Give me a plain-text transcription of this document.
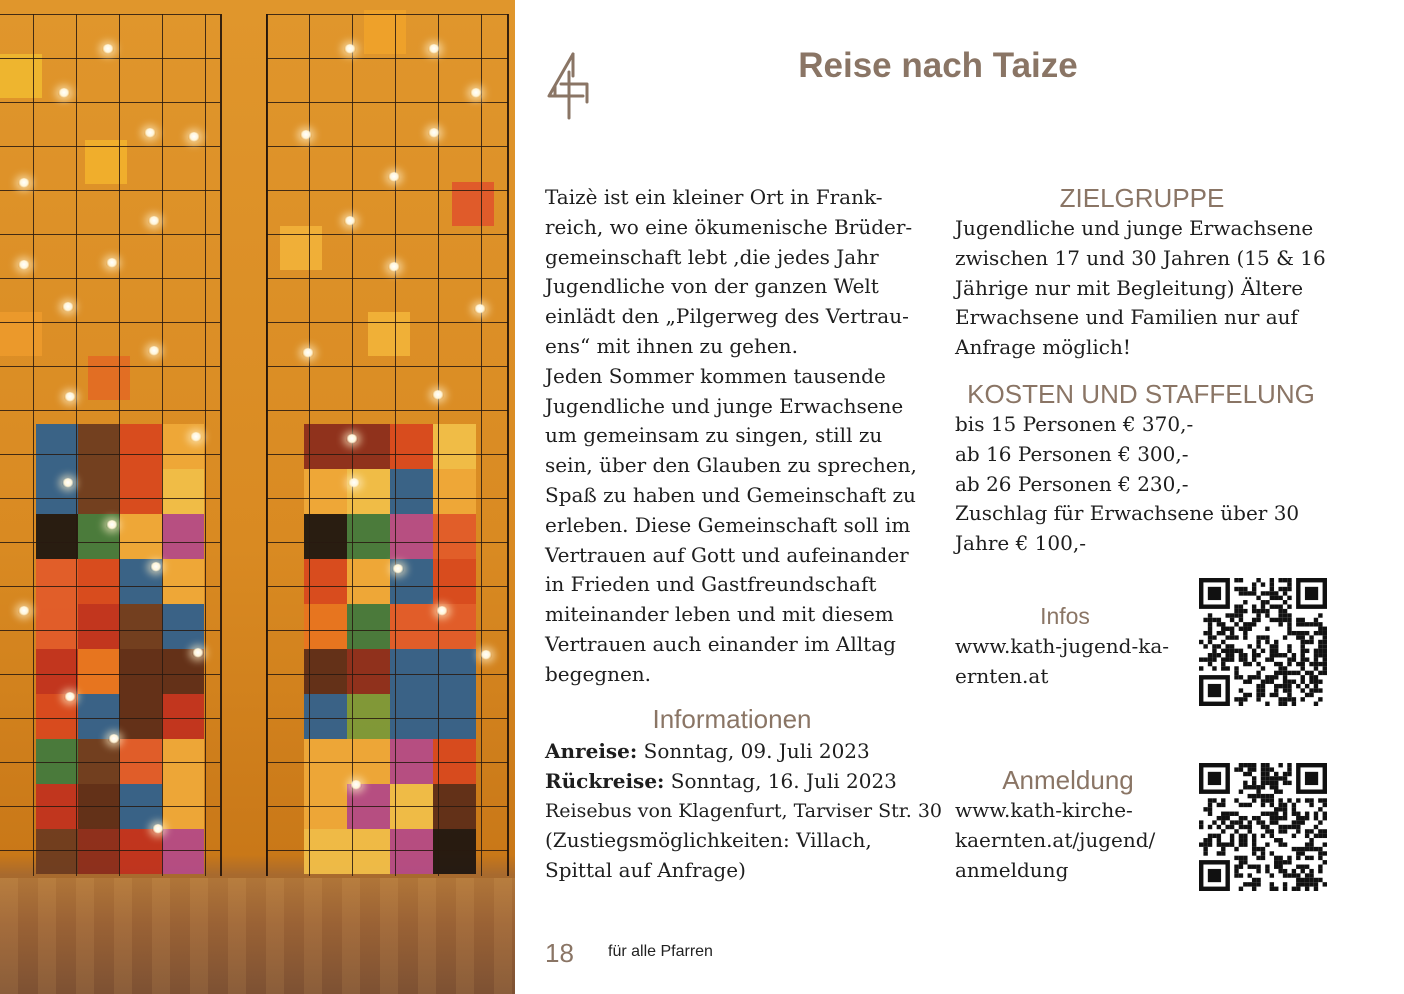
Reise nach Taize

Taizè ist ein kleiner Ort in Frank-

reich, wo eine ökumenische Brüder-

gemeinschaft lebt ,die jedes Jahr

Jugendliche von der ganzen Welt

einlädt den „Pilgerweg des Vertrau-

ens“ mit ihnen zu gehen.

Jeden Sommer kommen tausende

Jugendliche und junge Erwachsene

um gemeinsam zu singen, still zu

sein, über den Glauben zu sprechen,

Spaß zu haben und Gemeinschaft zu

erleben. Diese Gemeinschaft soll im

Vertrauen auf Gott und aufeinander

in Frieden und Gastfreundschaft

miteinander leben und mit diesem

Vertrauen auch einander im Alltag

begegnen.

Informationen
Anreise: Sonntag, 09. Juli 2023
Rückreise: Sonntag, 16. Juli 2023
Reisebus von Klagenfurt, Tarviser Str. 30
(Zustiegsmöglichkeiten: Villach,
Spittal auf Anfrage)
ZIELGRUPPE
Jugendliche und junge Erwachsene
zwischen 17 und 30 Jahren (15 & 16
Jährige nur mit Begleitung) Ältere
Erwachsene und Familien nur auf
Anfrage möglich!
KOSTEN UND STAFFELUNG
bis 15 Personen € 370,-
ab 16 Personen € 300,-
ab 26 Personen € 230,-
Zuschlag für Erwachsene über 30
Jahre € 100,-
Infos
www.kath-jugend-ka-
ernten.at
Anmeldung
www.kath-kirche-
kaernten.at/jugend/
anmeldung
18 für alle Pfarren
